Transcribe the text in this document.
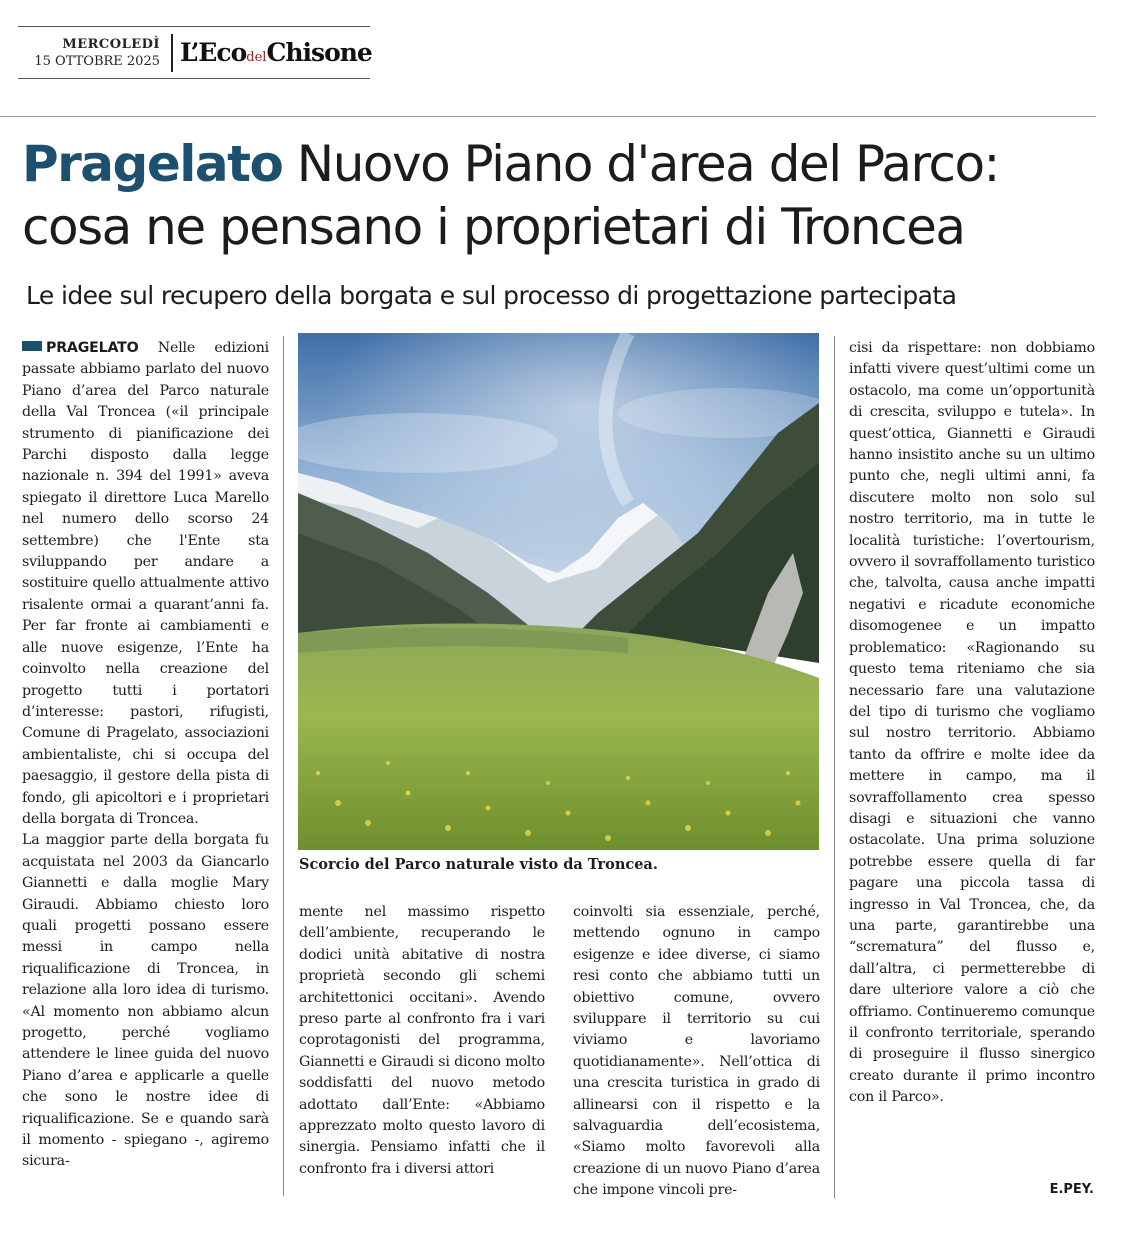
MERCOLEDÌ
15 OTTOBRE 2025 L’EcodelChisone
Pragelato Nuovo Piano d'area del Parco:
cosa ne pensano i proprietari di Troncea
Le idee sul recupero della borgata e sul processo di progettazione partecipata

PRAGELATO Nelle edizioni passate abbiamo parlato del nuovo Piano d’area del Parco naturale della Val Troncea («il principale strumento di pianificazione dei Parchi disposto dalla legge nazionale n. 394 del 1991» aveva spiegato il direttore Luca Marello nel numero dello scorso 24 settembre) che l'Ente sta sviluppando per andare a sostituire quello attualmente attivo risalente ormai a quarant’anni fa. Per far fronte ai cambiamenti e alle nuove esigenze, l’Ente ha coinvolto nella creazione del progetto tutti i portatori d’interesse: pastori, rifugisti, Comune di Pragelato, associazioni ambientaliste, chi si occupa del paesaggio, il gestore della pista di fondo, gli apicoltori e i proprietari della borgata di Troncea.

La maggior parte della borgata fu acquistata nel 2003 da Giancarlo Giannetti e dalla moglie Mary Giraudi. Abbiamo chiesto loro quali progetti possano essere messi in campo nella riqualificazione di Troncea, in relazione alla loro idea di turismo. «Al momento non abbiamo alcun progetto, perché vogliamo attendere le linee guida del nuovo Piano d’area e applicarle a quelle che sono le nostre idee di riqualificazione. Se e quando sarà il momento - spiegano -, agiremo sicura-

Scorcio del Parco naturale visto da Troncea.

mente nel massimo rispetto dell’ambiente, recuperando le dodici unità abitative di nostra proprietà secondo gli schemi architettonici occitani». Avendo preso parte al confronto fra i vari coprotagonisti del programma, Giannetti e Giraudi si dicono molto soddisfatti del nuovo metodo adottato dall’Ente: «Abbiamo apprezzato molto questo lavoro di sinergia. Pensiamo infatti che il confronto fra i diversi attori

coinvolti sia essenziale, perché, mettendo ognuno in campo esigenze e idee diverse, ci siamo resi conto che abbiamo tutti un obiettivo comune, ovvero sviluppare il territorio su cui viviamo e lavoriamo quotidianamente». Nell’ottica di una crescita turistica in grado di allinearsi con il rispetto e la salvaguardia dell’ecosistema, «Siamo molto favorevoli alla creazione di un nuovo Piano d’area che impone vincoli pre-

cisi da rispettare: non dobbiamo infatti vivere quest’ultimi come un ostacolo, ma come un’opportunità di crescita, sviluppo e tutela». In quest’ottica, Giannetti e Giraudi hanno insistito anche su un ultimo punto che, negli ultimi anni, fa discutere molto non solo sul nostro territorio, ma in tutte le località turistiche: l’overtourism, ovvero il sovraffollamento turistico che, talvolta, causa anche impatti negativi e ricadute economiche disomogenee e un impatto problematico: «Ragionando su questo tema riteniamo che sia necessario fare una valutazione del tipo di turismo che vogliamo sul nostro territorio. Abbiamo tanto da offrire e molte idee da mettere in campo, ma il sovraffollamento crea spesso disagi e situazioni che vanno ostacolate. Una prima soluzione potrebbe essere quella di far pagare una piccola tassa di ingresso in Val Troncea, che, da una parte, garantirebbe una “scrematura” del flusso e, dall’altra, ci permetterebbe di dare ulteriore valore a ciò che offriamo. Continueremo comunque il confronto territoriale, sperando di proseguire il flusso sinergico creato durante il primo incontro con il Parco».

E.PEY.
